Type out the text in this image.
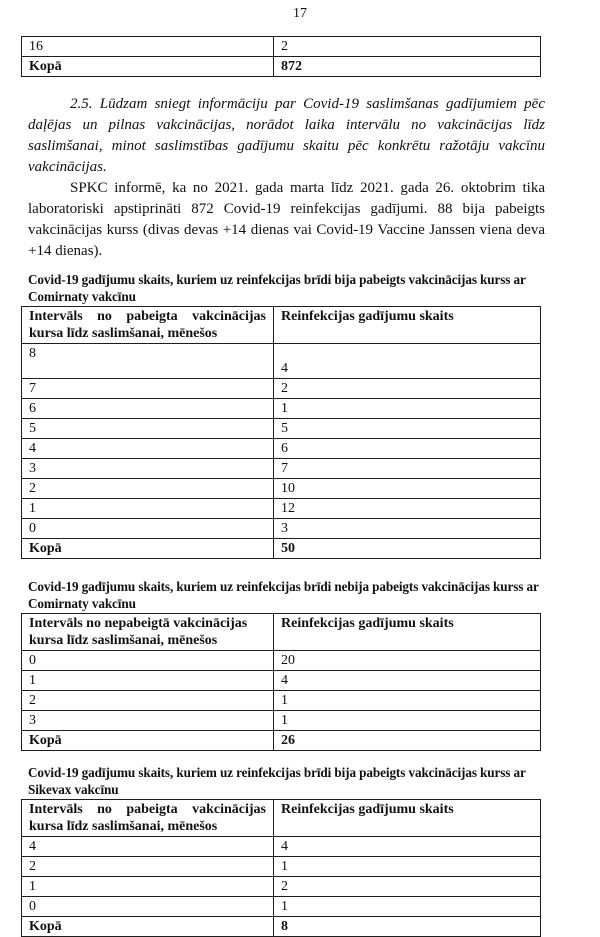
17
16	2
Kopā	872

2.5. Lūdzam sniegt informāciju par Covid-19 saslimšanas gadījumiem pēc daļējas un pilnas vakcinācijas, norādot laika intervālu no vakcinācijas līdz saslimšanai, minot saslimstības gadījumu skaitu pēc konkrētu ražotāju vakcīnu vakcinācijas.

SPKC informē, ka no 2021. gada marta līdz 2021. gada 26. oktobrim tika laboratoriski apstiprināti 872 Covid-19 reinfekcijas gadījumi. 88 bija pabeigts vakcinācijas kurss (divas devas +14 dienas vai Covid-19 Vaccine Janssen viena deva +14 dienas).

Covid-19 gadījumu skaits, kuriem uz reinfekcijas brīdi bija pabeigts vakcinācijas kurss ar Comirnaty vakcīnu
Intervāls no pabeigta vakcinācijas kursa līdz saslimšanai, mēnešos	Reinfekcijas gadījumu skaits
8	4
7	2
6	1
5	5
4	6
3	7
2	10
1	12
0	3
Kopā	50
Covid-19 gadījumu skaits, kuriem uz reinfekcijas brīdi nebija pabeigts vakcinācijas kurss ar Comirnaty vakcīnu
Intervāls no nepabeigtā vakcinācijas kursa līdz saslimšanai, mēnešos	Reinfekcijas gadījumu skaits
0	20
1	4
2	1
3	1
Kopā	26
Covid-19 gadījumu skaits, kuriem uz reinfekcijas brīdi bija pabeigts vakcinācijas kurss ar Sikevax vakcīnu
Intervāls no pabeigta vakcinācijas kursa līdz saslimšanai, mēnešos	Reinfekcijas gadījumu skaits
4	4
2	1
1	2
0	1
Kopā	8
